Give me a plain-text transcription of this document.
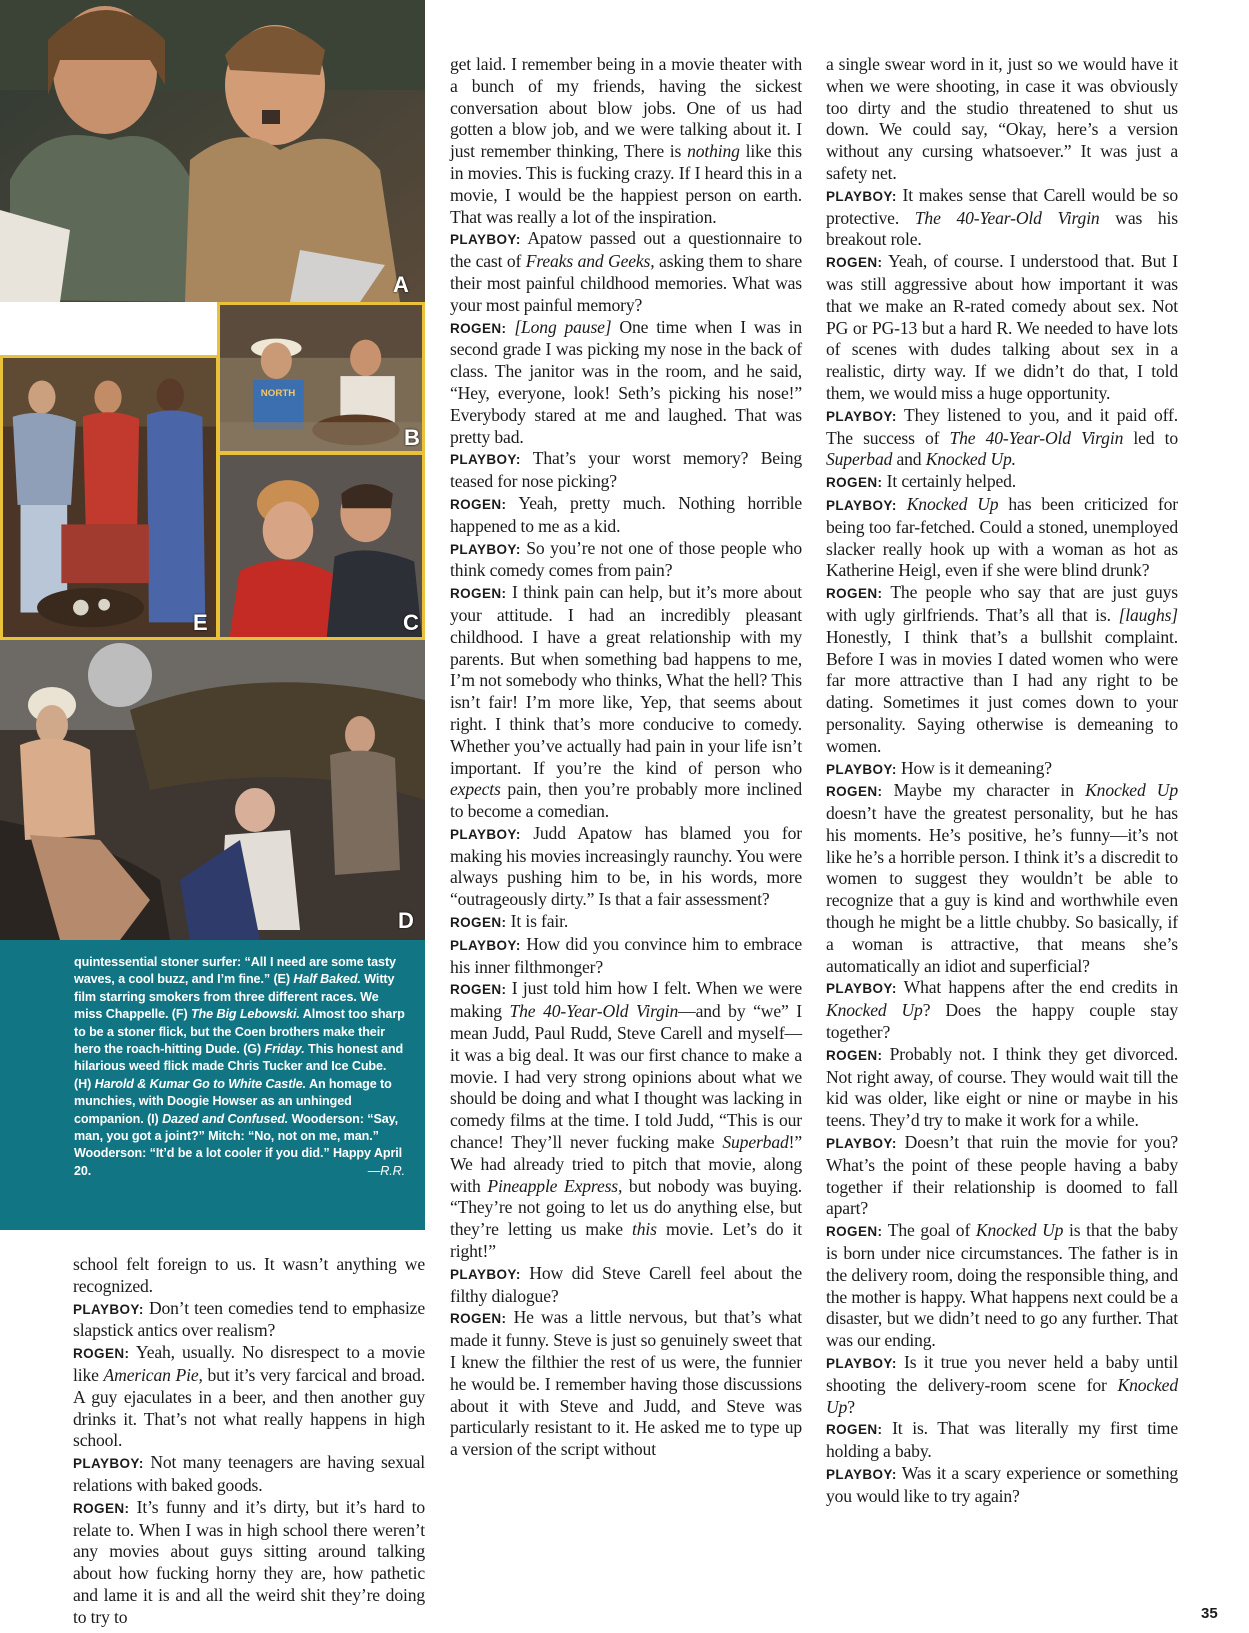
A
NORTH
B
E	C
D
quintessential stoner surfer: “All I need are some tasty waves, a cool buzz, and I’m fine.” (E) Half Baked. Witty film starring smokers from three different races. We miss Chappelle. (F) The Big Lebowski. Almost too sharp to be a stoner flick, but the Coen brothers make their hero the roach-hitting Dude. (G) Friday. This honest and hilarious weed flick made Chris Tucker and Ice Cube. (H) Harold & Kumar Go to White Castle. An homage to munchies, with Doogie Howser as an unhinged companion. (I) Dazed and Confused. Wooderson: “Say, man, you got a joint?” Mitch: “No, not on me, man.” Wooderson: “It’d be a lot cooler if you did.” Happy April 20.	—R.R.

school felt foreign to us. It wasn’t anything we recognized.

PLAYBOY: Don’t teen comedies tend to emphasize slapstick antics over realism?

ROGEN: Yeah, usually. No disrespect to a movie like American Pie, but it’s very farcical and broad. A guy ejaculates in a beer, and then another guy drinks it. That’s not what really happens in high school.

PLAYBOY: Not many teenagers are having sexual relations with baked goods.

ROGEN: It’s funny and it’s dirty, but it’s hard to relate to. When I was in high school there weren’t any movies about guys sitting around talking about how fucking horny they are, how pathetic and lame it is and all the weird shit they’re doing to try to

get laid. I remember being in a movie theater with a bunch of my friends, having the sickest conversation about blow jobs. One of us had gotten a blow job, and we were talking about it. I just remember thinking, There is nothing like this in movies. This is fucking crazy. If I heard this in a movie, I would be the happiest person on earth. That was really a lot of the inspiration.

PLAYBOY: Apatow passed out a questionnaire to the cast of Freaks and Geeks, asking them to share their most painful childhood memories. What was your most painful memory?

ROGEN: [Long pause] One time when I was in second grade I was picking my nose in the back of class. The janitor was in the room, and he said, “Hey, everyone, look! Seth’s picking his nose!” Everybody stared at me and laughed. That was pretty bad.

PLAYBOY: That’s your worst memory? Being teased for nose picking?

ROGEN: Yeah, pretty much. Nothing horrible happened to me as a kid.

PLAYBOY: So you’re not one of those people who think comedy comes from pain?

ROGEN: I think pain can help, but it’s more about your attitude. I had an incredibly pleasant childhood. I have a great relationship with my parents. But when something bad happens to me, I’m not somebody who thinks, What the hell? This isn’t fair! I’m more like, Yep, that seems about right. I think that’s more conducive to comedy. Whether you’ve actually had pain in your life isn’t important. If you’re the kind of person who expects pain, then you’re probably more inclined to become a comedian.

PLAYBOY: Judd Apatow has blamed you for making his movies increasingly raunchy. You were always pushing him to be, in his words, more “outrageously dirty.” Is that a fair assessment?

ROGEN: It is fair.

PLAYBOY: How did you convince him to embrace his inner filthmonger?

ROGEN: I just told him how I felt. When we were making The 40-Year-Old Virgin—and by “we” I mean Judd, Paul Rudd, Steve Carell and myself—it was a big deal. It was our first chance to make a movie. I had very strong opinions about what we should be doing and what I thought was lacking in comedy films at the time. I told Judd, “This is our chance! They’ll never fucking make Superbad!” We had already tried to pitch that movie, along with Pineapple Express, but nobody was buying. “They’re not going to let us do anything else, but they’re letting us make this movie. Let’s do it right!”

PLAYBOY: How did Steve Carell feel about the filthy dialogue?

ROGEN: He was a little nervous, but that’s what made it funny. Steve is just so genuinely sweet that I knew the filthier the rest of us were, the funnier he would be. I remember having those discussions about it with Steve and Judd, and Steve was particularly resistant to it. He asked me to type up a version of the script without

a single swear word in it, just so we would have it when we were shooting, in case it was obviously too dirty and the studio threatened to shut us down. We could say, “Okay, here’s a version without any cursing whatsoever.” It was just a safety net.

PLAYBOY: It makes sense that Carell would be so protective. The 40-Year-Old Virgin was his breakout role.

ROGEN: Yeah, of course. I understood that. But I was still aggressive about how important it was that we make an R-rated comedy about sex. Not PG or PG-13 but a hard R. We needed to have lots of scenes with dudes talking about sex in a realistic, dirty way. If we didn’t do that, I told them, we would miss a huge opportunity.

PLAYBOY: They listened to you, and it paid off. The success of The 40-Year-Old Virgin led to Superbad and Knocked Up.

ROGEN: It certainly helped.

PLAYBOY: Knocked Up has been criticized for being too far-fetched. Could a stoned, unemployed slacker really hook up with a woman as hot as Katherine Heigl, even if she were blind drunk?

ROGEN: The people who say that are just guys with ugly girlfriends. That’s all that is. [laughs] Honestly, I think that’s a bullshit complaint. Before I was in movies I dated women who were far more attractive than I had any right to be dating. Sometimes it just comes down to your personality. Saying otherwise is demeaning to women.

PLAYBOY: How is it demeaning?

ROGEN: Maybe my character in Knocked Up doesn’t have the greatest personality, but he has his moments. He’s positive, he’s funny—it’s not like he’s a horrible person. I think it’s a discredit to women to suggest they wouldn’t be able to recognize that a guy is kind and worthwhile even though he might be a little chubby. So basically, if a woman is attractive, that means she’s automatically an idiot and superficial?

PLAYBOY: What happens after the end credits in Knocked Up? Does the happy couple stay together?

ROGEN: Probably not. I think they get divorced. Not right away, of course. They would wait till the kid was older, like eight or nine or maybe in his teens. They’d try to make it work for a while.

PLAYBOY: Doesn’t that ruin the movie for you? What’s the point of these people having a baby together if their relationship is doomed to fall apart?

ROGEN: The goal of Knocked Up is that the baby is born under nice circumstances. The father is in the delivery room, doing the responsible thing, and the mother is happy. What happens next could be a disaster, but we didn’t need to go any further. That was our ending.

PLAYBOY: Is it true you never held a baby until shooting the delivery-room scene for Knocked Up?

ROGEN: It is. That was literally my first time holding a baby.

PLAYBOY: Was it a scary experience or something you would like to try again?

35
